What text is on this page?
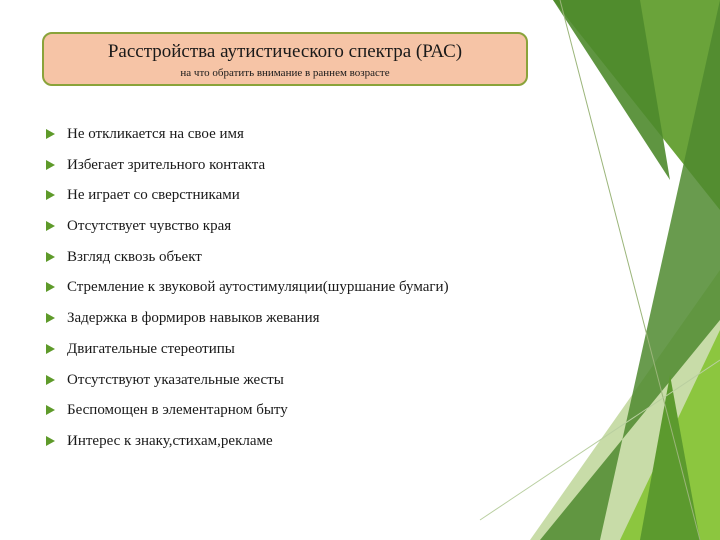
Расстройства аутистического спектра (РАС)
на что обратить внимание в раннем возрасте
Не откликается на свое имя
Избегает зрительного контакта
Не играет со сверстниками
Отсутствует чувство края
Взгляд сквозь объект
Стремление к звуковой аутостимуляции(шуршание бумаги)
Задержка в формиров навыков жевания
Двигательные стереотипы
Отсутствуют указательные жесты
Беспомощен в элементарном быту
Интерес к знаку,стихам,рекламе
